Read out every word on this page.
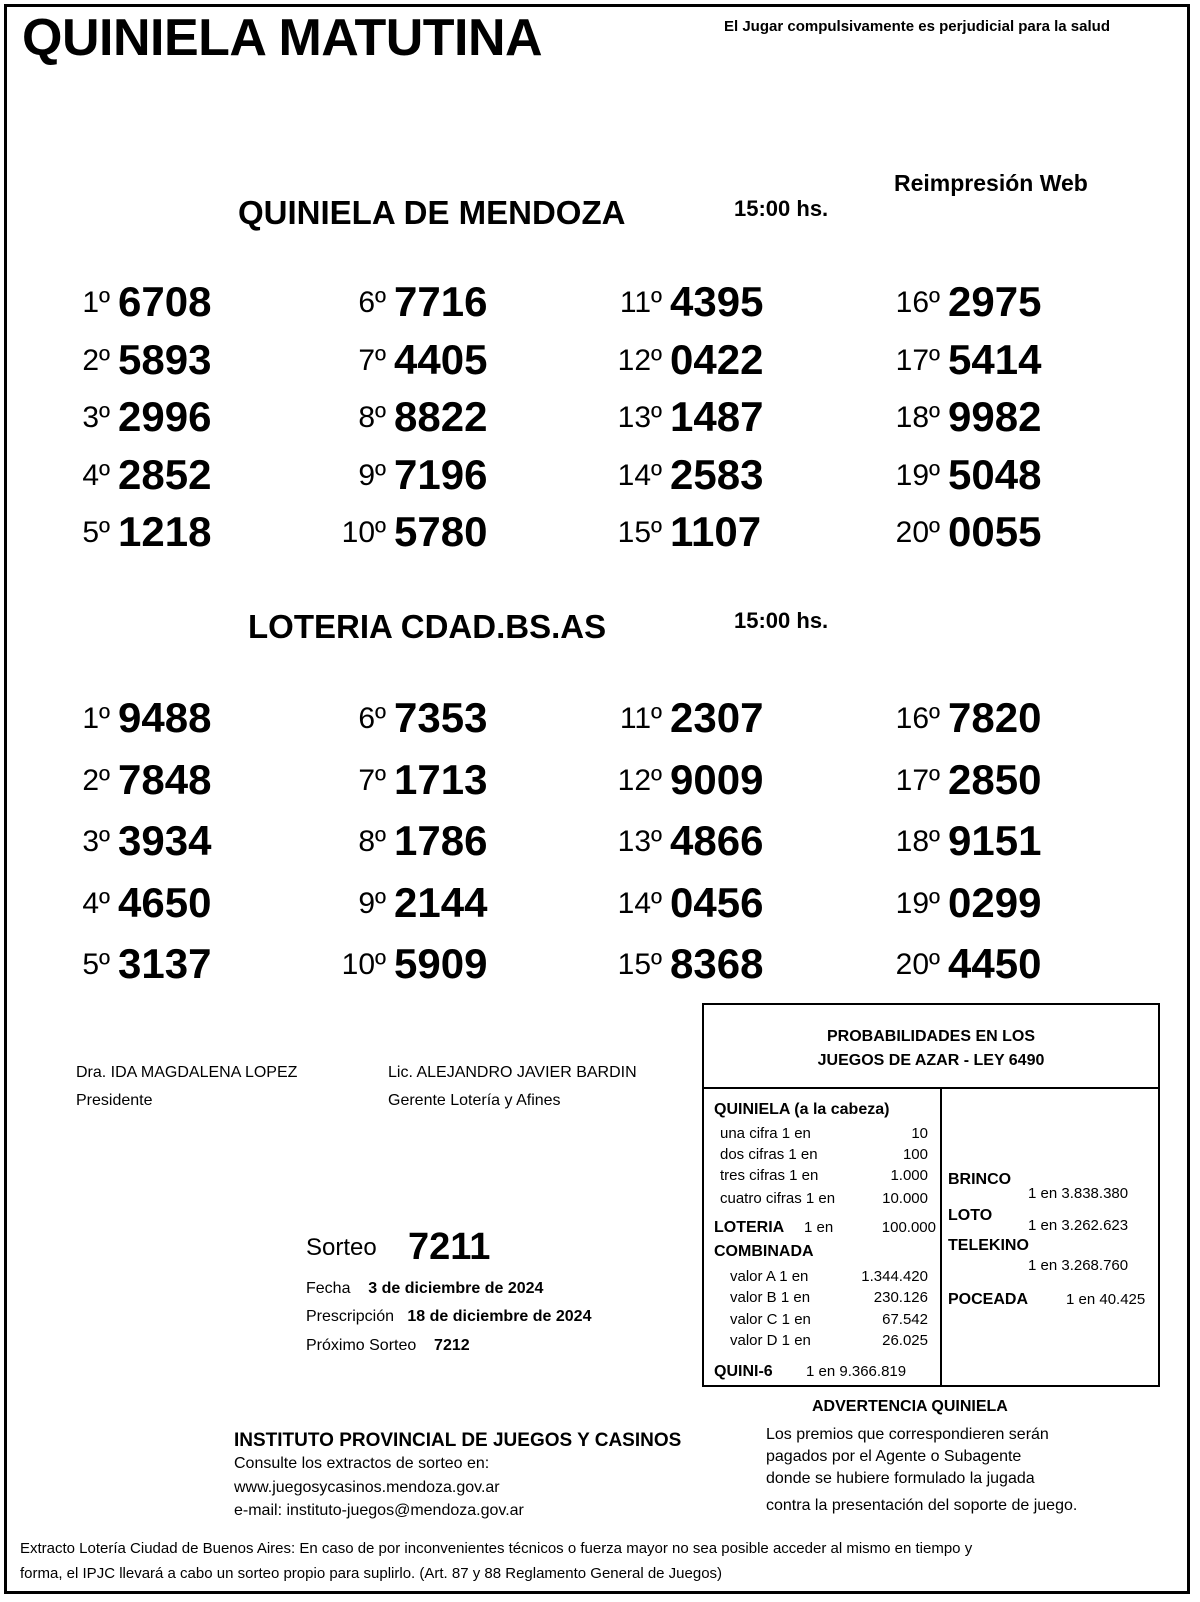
QUINIELA MATUTINA	El Jugar compulsivamente es perjudicial para la salud
Reimpresión Web
QUINIELA DE MENDOZA	15:00 hs.
1º 6708
2º 5893
3º 2996
4º 2852
5º 1218
6º 7716
7º 4405
8º 8822
9º 7196
10º 5780
11º 4395
12º 0422
13º 1487
14º 2583
15º 1107
16º 2975
17º 5414
18º 9982
19º 5048
20º 0055
LOTERIA CDAD.BS.AS	15:00 hs.
1º 9488
2º 7848
3º 3934
4º 4650
5º 3137
6º 7353
7º 1713
8º 1786
9º 2144
10º 5909
11º 2307
12º 9009
13º 4866
14º 0456
15º 8368
16º 7820
17º 2850
18º 9151
19º 0299
20º 4450
Dra. IDA MAGDALENA LOPEZ
Presidente
Lic. ALEJANDRO JAVIER BARDIN
Gerente Lotería y Afines
Sorteo 7211
Fecha 3 de diciembre de 2024
Prescripción 18 de diciembre de 2024
Próximo Sorteo 7212
PROBABILIDADES EN LOS
JUEGOS DE AZAR - LEY 6490
QUINIELA (a la cabeza)
una cifra 1 en	10
dos cifras 1 en	100
tres cifras 1 en	1.000
cuatro cifras 1 en	10.000
LOTERIA 1 en	100.000
COMBINADA
valor A 1 en	1.344.420
valor B 1 en	230.126
valor C 1 en	67.542
valor D 1 en	26.025
QUINI-6 1 en 9.366.819
BRINCO
1 en 3.838.380
LOTO
1 en 3.262.623
TELEKINO
1 en 3.268.760
POCEADA	1 en 40.425
INSTITUTO PROVINCIAL DE JUEGOS Y CASINOS
Consulte los extractos de sorteo en:
www.juegosycasinos.mendoza.gov.ar
e-mail: instituto-juegos@mendoza.gov.ar
ADVERTENCIA QUINIELA
Los premios que correspondieren serán
pagados por el Agente o Subagente
donde se hubiere formulado la jugada
contra la presentación del soporte de juego.
Extracto Lotería Ciudad de Buenos Aires: En caso de por inconvenientes técnicos o fuerza mayor no sea posible acceder al mismo en tiempo y
forma, el IPJC llevará a cabo un sorteo propio para suplirlo. (Art. 87 y 88 Reglamento General de Juegos)
